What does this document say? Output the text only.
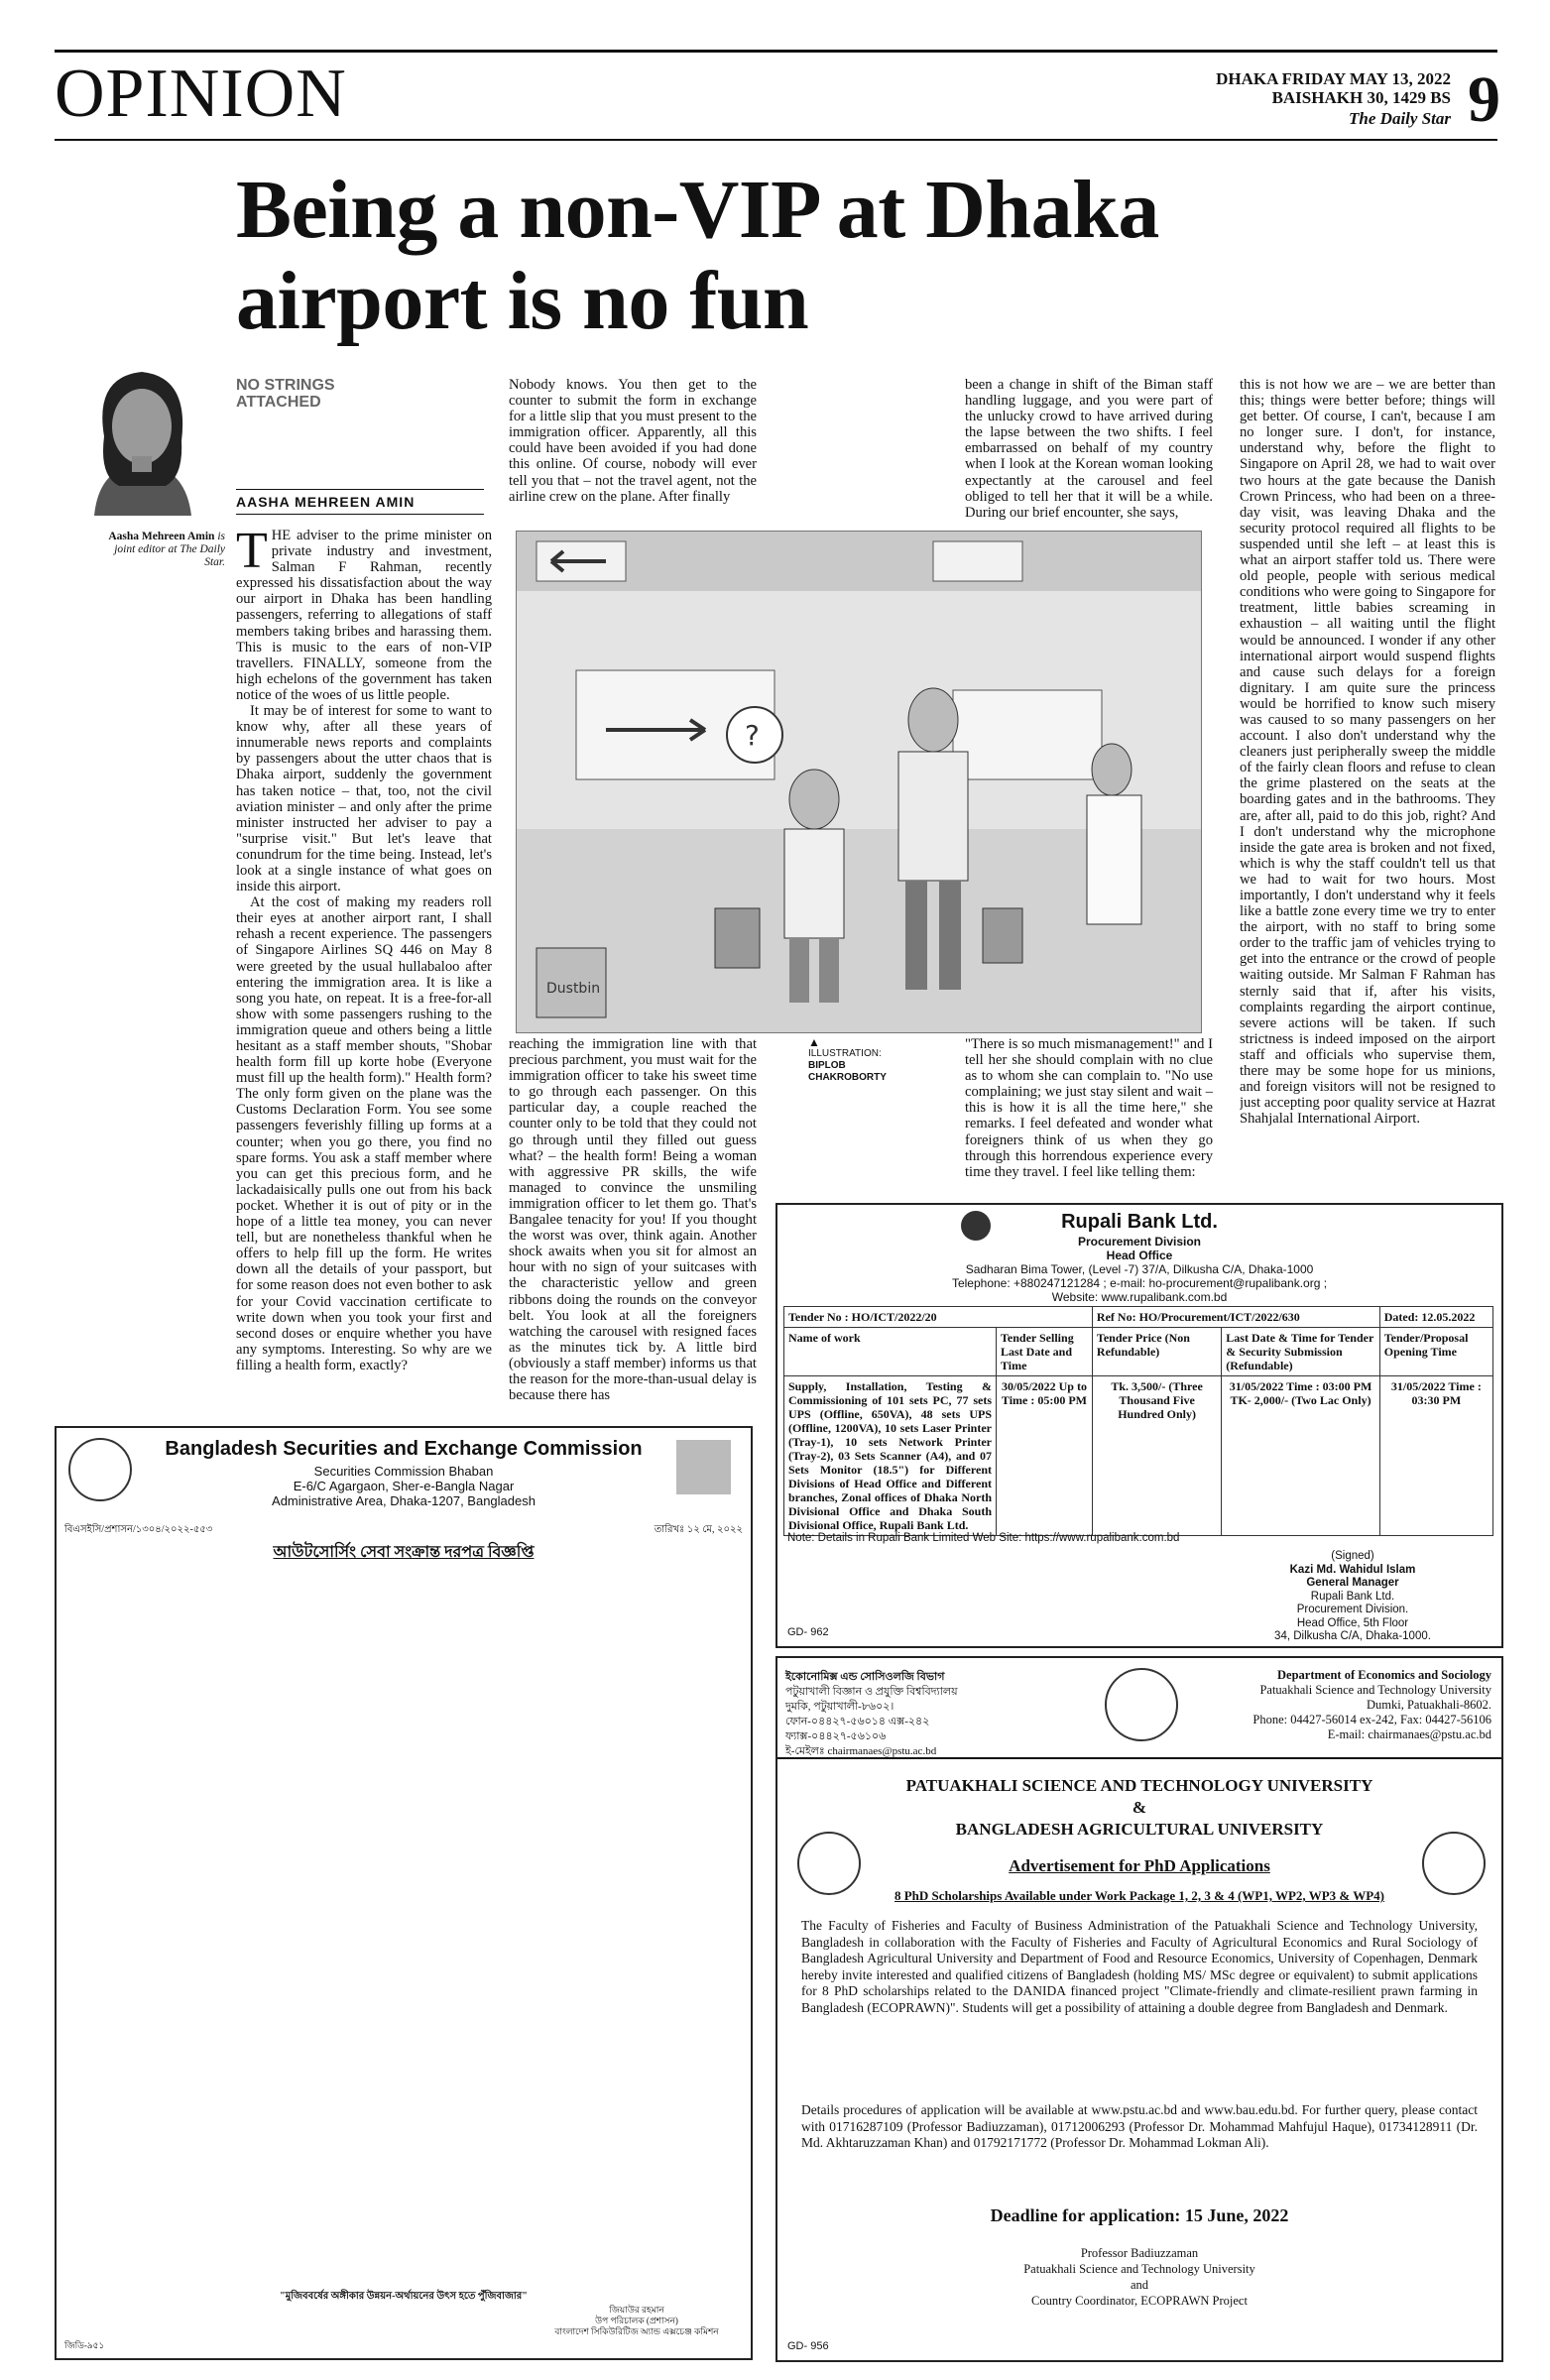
OPINION	DHAKA FRIDAY MAY 13, 2022
BAISHAKH 30, 1429 BS
The Daily Star 9
Being a non-VIP at Dhaka airport is no fun
NO STRINGS ATTACHED
AASHA MEHREEN AMIN
Aasha Mehreen Amin is joint editor at The Daily Star. THE adviser to the prime minister on private industry and investment, Salman F Rahman, recently expressed his dissatisfaction about the way our airport in Dhaka has been handling passengers, referring to allegations of staff members taking bribes and harassing them. This is music to the ears of non-VIP travellers. FINALLY, someone from the high echelons of the government has taken notice of the woes of us little people.

It may be of interest for some to want to know why, after all these years of innumerable news reports and complaints by passengers about the utter chaos that is Dhaka airport, suddenly the government has taken notice – that, too, not the civil aviation minister – and only after the prime minister instructed her adviser to pay a "surprise visit." But let's leave that conundrum for the time being. Instead, let's look at a single instance of what goes on inside this airport.

At the cost of making my readers roll their eyes at another airport rant, I shall rehash a recent experience. The passengers of Singapore Airlines SQ 446 on May 8 were greeted by the usual hullabaloo after entering the immigration area. It is like a song you hate, on repeat. It is a free-for-all show with some passengers rushing to the immigration queue and others being a little hesitant as a staff member shouts, "Shobar health form fill up korte hobe (Everyone must fill up the health form)." Health form? The only form given on the plane was the Customs Declaration Form. You see some passengers feverishly filling up forms at a counter; when you go there, you find no spare forms. You ask a staff member where you can get this precious form, and he lackadaisically pulls one out from his back pocket. Whether it is out of pity or in the hope of a little tea money, you can never tell, but are nonetheless thankful when he offers to help fill up the form. He writes down all the details of your passport, but for some reason does not even bother to ask for your Covid vaccination certificate to write down when you took your first and second doses or enquire whether you have any symptoms. Interesting. So why are we filling a health form, exactly?

Nobody knows. You then get to the counter to submit the form in exchange for a little slip that you must present to the immigration officer. Apparently, all this could have been avoided if you had done this online. Of course, nobody will ever tell you that – not the travel agent, not the airline crew on the plane. After finally

been a change in shift of the Biman staff handling luggage, and you were part of the unlucky crowd to have arrived during the lapse between the two shifts. I feel embarrassed on behalf of my country when I look at the Korean woman looking expectantly at the carousel and feel obliged to tell her that it will be a while. During our brief encounter, she says,

this is not how we are – we are better than this; things were better before; things will get better. Of course, I can't, because I am no longer sure. I don't, for instance, understand why, before the flight to Singapore on April 28, we had to wait over two hours at the gate because the Danish Crown Princess, who had been on a three-day visit, was leaving Dhaka and the security protocol required all flights to be suspended until she left – at least this is what an airport staffer told us. There were old people, people with serious medical conditions who were going to Singapore for treatment, little babies screaming in exhaustion – all waiting until the flight would be announced. I wonder if any other international airport would suspend flights and cause such delays for a foreign dignitary. I am quite sure the princess would be horrified to know such misery was caused to so many passengers on her account. I also don't understand why the cleaners just peripherally sweep the middle of the fairly clean floors and refuse to clean the grime plastered on the seats at the boarding gates and in the bathrooms. They are, after all, paid to do this job, right? And I don't understand why the microphone inside the gate area is broken and not fixed, which is why the staff couldn't tell us that we had to wait for two hours. Most importantly, I don't understand why it feels like a battle zone every time we try to enter the airport, with no staff to bring some order to the traffic jam of vehicles trying to get into the entrance or the crowd of people waiting outside. Mr Salman F Rahman has sternly said that if, after his visits, complaints regarding the airport continue, severe actions will be taken. If such strictness is indeed imposed on the airport staff and officials who supervise them, there may be some hope for us minions, and foreign visitors will not be resigned to just accepting poor quality service at Hazrat Shahjalal International Airport.

?
Dustbin

reaching the immigration line with that precious parchment, you must wait for the immigration officer to take his sweet time to go through each passenger. On this particular day, a couple reached the counter only to be told that they could not go through until they filled out guess what? – the health form! Being a woman with aggressive PR skills, the wife managed to convince the unsmiling immigration officer to let them go. That's Bangalee tenacity for you! If you thought the worst was over, think again. Another shock awaits when you sit for almost an hour with no sign of your suitcases with the characteristic yellow and green ribbons doing the rounds on the conveyor belt. You look at all the foreigners watching the carousel with resigned faces as the minutes tick by. A little bird (obviously a staff member) informs us that the reason for the more-than-usual delay is because there has

▲
ILLUSTRATION:
BIPLOB CHAKROBORTY

"There is so much mismanagement!" and I tell her she should complain with no clue as to whom she can complain to. "No use complaining; we just stay silent and wait – this is how it is all the time here," she remarks. I feel defeated and wonder what foreigners think of us when they go through this horrendous experience every time they travel. I feel like telling them:

Bangladesh Securities and Exchange Commission
Securities Commission Bhaban
E-6/C Agargaon, Sher-e-Bangla Nagar
Administrative Area, Dhaka-1207, Bangladesh
বিএসইসি/প্রশাসন/১৩০৪/২০২২-৫৫৩	তারিখঃ ১২ মে, ২০২২
আউটসোর্সিং সেবা সংক্রান্ত দরপত্র বিজ্ঞপ্তি
"মুজিববর্ষের অঙ্গীকার উন্নয়ন-অর্থায়নের উৎস হতে পুঁজিবাজার"
জিয়াউর রহমান
উপ পরিচালক (প্রশাসন)
বাংলাদেশ সিকিউরিটিজ অ্যান্ড এক্সচেঞ্জ কমিশন
জিডি-৯৫১
Rupali Bank Ltd.
Procurement Division
Head Office
Sadharan Bima Tower, (Level -7) 37/A, Dilkusha C/A, Dhaka-1000
Telephone: +880247121284 ; e-mail: ho-procurement@rupalibank.org ;
Website: www.rupalibank.com.bd
Tender No : HO/ICT/2022/20		Ref No: HO/Procurement/ICT/2022/630		Dated: 12.05.2022
Name of work	Tender Selling Last Date and Time	Tender Price (Non Refundable)	Last Date & Time for Tender & Security Submission (Refundable)	Tender/Proposal Opening Time
Supply, Installation, Testing & Commissioning of 101 sets PC, 77 sets UPS (Offline, 650VA), 48 sets UPS (Offline, 1200VA), 10 sets Laser Printer (Tray-1), 10 sets Network Printer (Tray-2), 03 Sets Scanner (A4), and 07 Sets Monitor (18.5") for Different Divisions of Head Office and Different branches, Zonal offices of Dhaka North Divisional Office and Dhaka South Divisional Office, Rupali Bank Ltd.	30/05/2022 Up to Time : 05:00 PM	Tk. 3,500/- (Three Thousand Five Hundred Only)	31/05/2022 Time : 03:00 PM TK- 2,000/- (Two Lac Only)	31/05/2022 Time : 03:30 PM
Note: Details in Rupali Bank Limited Web Site: https://www.rupalibank.com.bd
(Signed)
Kazi Md. Wahidul Islam
General Manager
Rupali Bank Ltd.
Procurement Division.
Head Office, 5th Floor
34, Dilkusha C/A, Dhaka-1000.
GD- 962
ইকোনোমিক্স এন্ড সোসিওলজি বিভাগ
পটুয়াখালী বিজ্ঞান ও প্রযুক্তি বিশ্ববিদ্যালয়
দুমকি, পটুয়াখালী-৮৬০২।
ফোন-০৪৪২৭-৫৬০১৪ এক্স-২৪২ ফ্যাক্স-০৪৪২৭-৫৬১০৬
ই-মেইলঃ chairmanaes@pstu.ac.bd
Department of Economics and Sociology
Patuakhali Science and Technology University
Dumki, Patuakhali-8602.
Phone: 04427-56014 ex-242, Fax: 04427-56106
E-mail: chairmanaes@pstu.ac.bd
PATUAKHALI SCIENCE AND TECHNOLOGY UNIVERSITY
&
BANGLADESH AGRICULTURAL UNIVERSITY
Advertisement for PhD Applications
8 PhD Scholarships Available under Work Package 1, 2, 3 & 4 (WP1, WP2, WP3 & WP4)
The Faculty of Fisheries and Faculty of Business Administration of the Patuakhali Science and Technology University, Bangladesh in collaboration with the Faculty of Fisheries and Faculty of Agricultural Economics and Rural Sociology of Bangladesh Agricultural University and Department of Food and Resource Economics, University of Copenhagen, Denmark hereby invite interested and qualified citizens of Bangladesh (holding MS/ MSc degree or equivalent) to submit applications for 8 PhD scholarships related to the DANIDA financed project "Climate-friendly and climate-resilient prawn farming in Bangladesh (ECOPRAWN)". Students will get a possibility of attaining a double degree from Bangladesh and Denmark.
Details procedures of application will be available at www.pstu.ac.bd and www.bau.edu.bd. For further query, please contact with 01716287109 (Professor Badiuzzaman), 01712006293 (Professor Dr. Mohammad Mahfujul Haque), 01734128911 (Dr. Md. Akhtaruzzaman Khan) and 01792171772 (Professor Dr. Mohammad Lokman Ali).
Deadline for application: 15 June, 2022
Professor Badiuzzaman
Patuakhali Science and Technology University
and
Country Coordinator, ECOPRAWN Project
GD- 956
